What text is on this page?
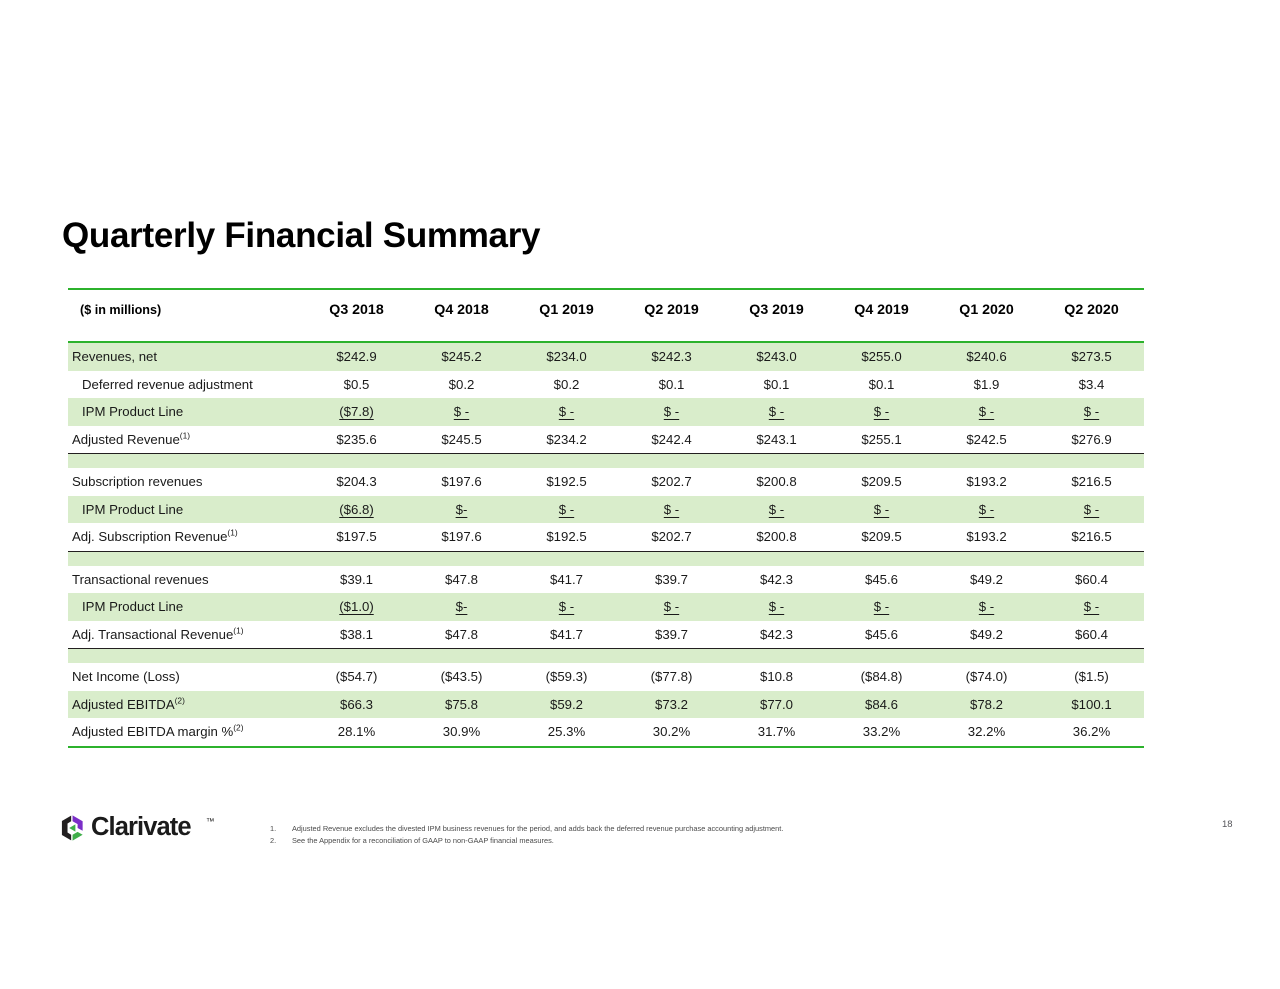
Quarterly Financial Summary

($ in millions)	Q3 2018	Q4 2018	Q1 2019	Q2 2019	Q3 2019	Q4 2019	Q1 2020	Q2 2020

Revenues, net	$242.9	$245.2	$234.0	$242.3	$243.0	$255.0	$240.6	$273.5
Deferred revenue adjustment	$0.5	$0.2	$0.2	$0.1	$0.1	$0.1	$1.9	$3.4
IPM Product Line	($7.8)	$ -	$ -	$ -	$ -	$ -	$ -	$ -
Adjusted Revenue$^{(1)}$	$235.6	$245.5	$234.2	$242.4	$243.1	$255.1	$242.5	$276.9

Subscription revenues	$204.3	$197.6	$192.5	$202.7	$200.8	$209.5	$193.2	$216.5
IPM Product Line	($6.8)	$-	$ -	$ -	$ -	$ -	$ -	$ -
Adj. Subscription Revenue$^{(1)}$	$197.5	$197.6	$192.5	$202.7	$200.8	$209.5	$193.2	$216.5

Transactional revenues	$39.1	$47.8	$41.7	$39.7	$42.3	$45.6	$49.2	$60.4
IPM Product Line	($1.0)	$-	$ -	$ -	$ -	$ -	$ -	$ -
Adj. Transactional Revenue$^{(1)}$	$38.1	$47.8	$41.7	$39.7	$42.3	$45.6	$49.2	$60.4

Net Income (Loss)	($54.7)	($43.5)	($59.3)	($77.8)	$10.8	($84.8)	($74.0)	($1.5)
Adjusted EBITDA$^{(2)}$	$66.3	$75.8	$59.2	$73.2	$77.0	$84.6	$78.2	$100.1
Adjusted EBITDA margin %$^{(2)}$	28.1%	30.9%	25.3%	30.2%	31.7%	33.2%	32.2%	36.2%

Clarivate ™
1.	Adjusted Revenue excludes the divested IPM business revenues for the period, and adds back the deferred revenue purchase accounting adjustment.
2.	See the Appendix for a reconciliation of GAAP to non-GAAP financial measures.
18
